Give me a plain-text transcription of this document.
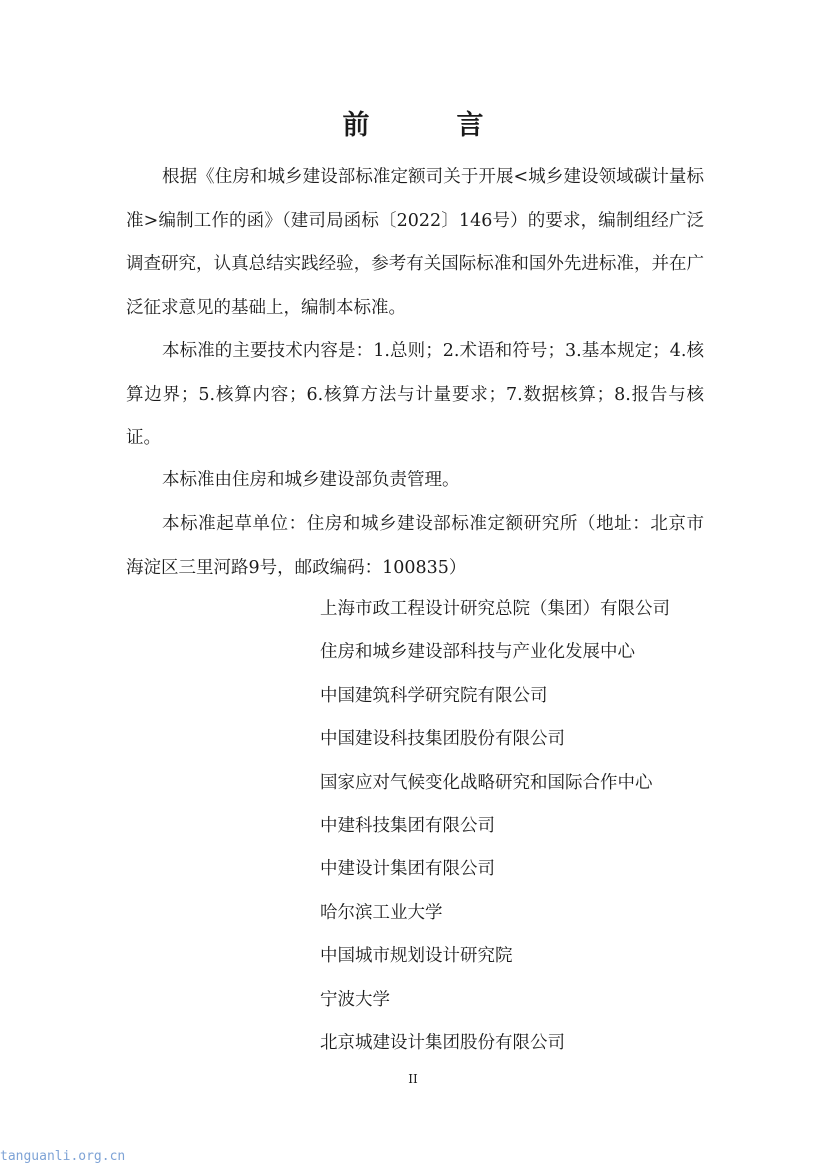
前　言

根据《住房和城乡建设部标准定额司关于开展<城乡建设领域碳计量标准>编制工作的函》（建司局函标〔2022〕146号）的要求，编制组经广泛调查研究，认真总结实践经验，参考有关国际标准和国外先进标准，并在广泛征求意见的基础上，编制本标准。

本标准的主要技术内容是：1.总则；2.术语和符号；3.基本规定；4.核算边界；5.核算内容；6.核算方法与计量要求；7.数据核算；8.报告与核证。

本标准由住房和城乡建设部负责管理。

本标准起草单位：住房和城乡建设部标准定额研究所（地址：北京市海淀区三里河路9号，邮政编码：100835）

上海市政工程设计研究总院（集团）有限公司
住房和城乡建设部科技与产业化发展中心
中国建筑科学研究院有限公司
中国建设科技集团股份有限公司
国家应对气候变化战略研究和国际合作中心
中建科技集团有限公司
中建设计集团有限公司
哈尔滨工业大学
中国城市规划设计研究院
宁波大学
北京城建设计集团股份有限公司
II
tanguanli.org.cn
